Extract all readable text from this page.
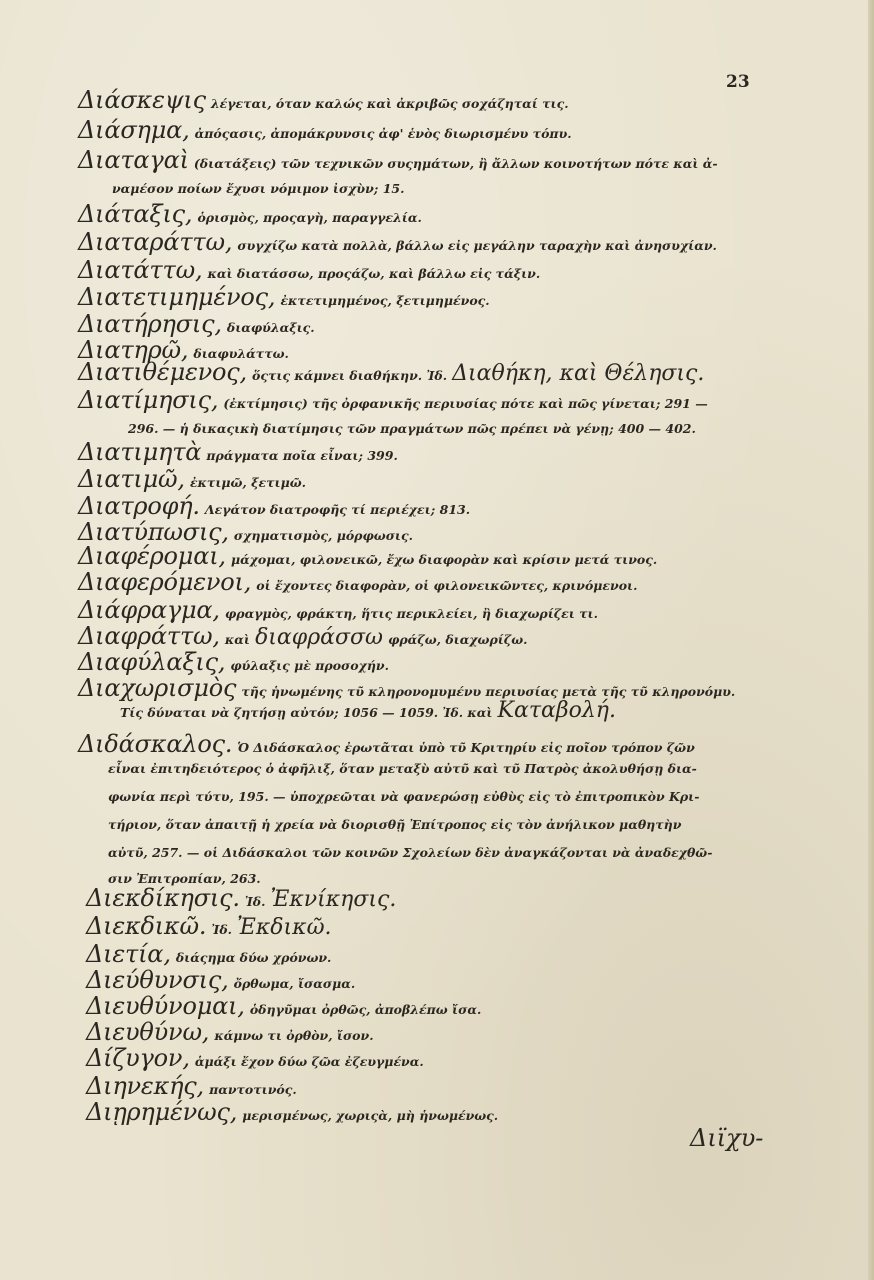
23
Διάσκεψις λέγεται, όταν καλώς καὶ ἀκριβῶς σοχάζηταί τις.
Διάσημα, ἀπόςασις, ἀπομάκρυνσις ἀφ' ἑνὸς διωρισμένυ τόπυ.
Διαταγαὶ (διατάξεις) τῶν τεχνικῶν συςημάτων, ἢ ἄλλων κοινοτήτων πότε καὶ ἀ-
ναμέσον ποίων ἔχυσι νόμιμον ἰσχὺν; 15.
Διάταξις, ὁρισμὸς, προςαγὴ, παραγγελία.
Διαταράττω, συγχίζω κατὰ πολλὰ, βάλλω εἰς μεγάλην ταραχὴν καὶ ἀνησυχίαν.
Διατάττω, καὶ διατάσσω, προςάζω, καὶ βάλλω εἰς τάξιν.
Διατετιμημένος, ἐκτετιμημένος, ξετιμημένος.
Διατήρησις, διαφύλαξις.
Διατηρῶ, διαφυλάττω.
Διατιθέμενος, ὅςτις κάμνει διαθήκην. Ἰδ. Διαθήκη, καὶ Θέλησις.
Διατίμησις, (ἐκτίμησις) τῆς ὀρφανικῆς περιυσίας πότε καὶ πῶς γίνεται; 291 —
296. — ἡ δικαςικὴ διατίμησις τῶν πραγμάτων πῶς πρέπει νὰ γένῃ; 400 — 402.
Διατιμητὰ πράγματα ποῖα εἶναι; 399.
Διατιμῶ, ἐκτιμῶ, ξετιμῶ.
Διατροφή. Λεγάτον διατροφῆς τί περιέχει; 813.
Διατύπωσις, σχηματισμὸς, μόρφωσις.
Διαφέρομαι, μάχομαι, φιλονεικῶ, ἔχω διαφορὰν καὶ κρίσιν μετά τινος.
Διαφερόμενοι, οἱ ἔχοντες διαφορὰν, οἱ φιλονεικῶντες, κρινόμενοι.
Διάφραγμα, φραγμὸς, φράκτη, ἥτις περικλείει, ἢ διαχωρίζει τι.
Διαφράττω, καὶ διαφράσσω φράζω, διαχωρίζω.
Διαφύλαξις, φύλαξις μὲ προσοχήν.
Διαχωρισμὸς τῆς ἡνωμένης τῦ κληρονομυμένυ περιυσίας μετὰ τῆς τῦ κληρονόμυ.
Τίς δύναται νὰ ζητήσῃ αὐτόν; 1056 — 1059. Ἰδ. καὶ Καταβολή.
Διδάσκαλος. Ὁ Διδάσκαλος ἐρωτᾶται ὑπὸ τῦ Κριτηρίυ εἰς ποῖον τρόπον ζῶν
εἶναι ἐπιτηδειότερος ὁ ἀφῆλιξ, ὅταν μεταξὺ αὐτῦ καὶ τῦ Πατρὸς ἀκολυθήσῃ δια-
φωνία περὶ τύτυ, 195. — ὑποχρεῶται νὰ φανερώσῃ εὐθὺς εἰς τὸ ἐπιτροπικὸν Κρι-
τήριον, ὅταν ἀπαιτῇ ἡ χρεία νὰ διορισθῇ Ἐπίτροπος εἰς τὸν ἀνήλικον μαθητὴν
αὐτῦ, 257. — οἱ Διδάσκαλοι τῶν κοινῶν Σχολείων δὲν ἀναγκάζονται νὰ ἀναδεχθῶ-
σιν Ἐπιτροπίαν, 263.
Διεκδίκησις. Ἰδ. Ἐκνίκησις.
Διεκδικῶ. Ἰδ. Ἐκδικῶ.
Διετία, διάςημα δύω χρόνων.
Διεύθυνσις, ὄρθωμα, ἴσασμα.
Διευθύνομαι, ὁδηγῦμαι ὀρθῶς, ἀποβλέπω ἴσα.
Διευθύνω, κάμνω τι ὀρθὸν, ἴσον.
Δίζυγον, ἁμάξι ἔχον δύω ζῶα ἐζευγμένα.
Διηνεκής, παντοτινός.
Διῃρημένως, μερισμένως, χωριςὰ, μὴ ἡνωμένως.
Διϊχυ-
